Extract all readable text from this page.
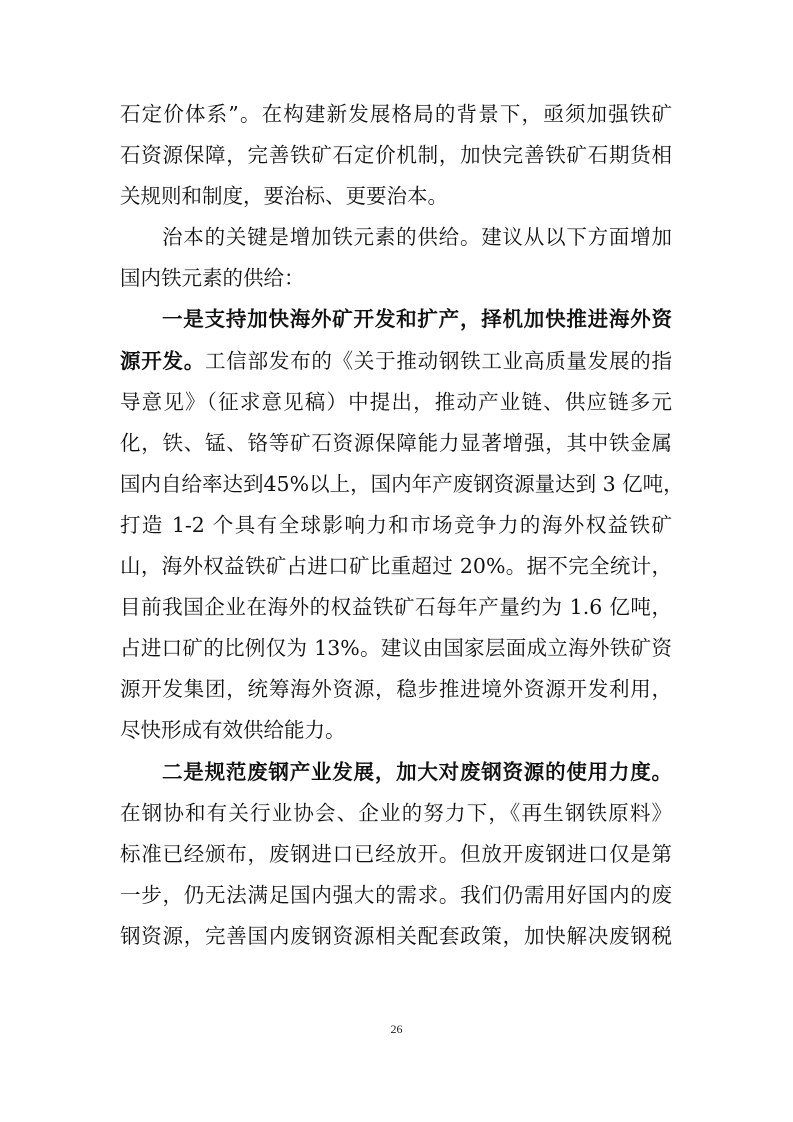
石定价体系”。在构建新发展格局的背景下，亟须加强铁矿
石资源保障，完善铁矿石定价机制，加快完善铁矿石期货相
关规则和制度，要治标、更要治本。
治本的关键是增加铁元素的供给。建议从以下方面增加
国内铁元素的供给：
一是支持加快海外矿开发和扩产，择机加快推进海外资
源开发。工信部发布的《关于推动钢铁工业高质量发展的指
导意见》（征求意见稿）中提出，推动产业链、供应链多元
化，铁、锰、铬等矿石资源保障能力显著增强，其中铁金属
国内自给率达到45%以上，国内年产废钢资源量达到 3 亿吨，
打造 1-2 个具有全球影响力和市场竞争力的海外权益铁矿
山，海外权益铁矿占进口矿比重超过 20%。据不完全统计，
目前我国企业在海外的权益铁矿石每年产量约为 1.6 亿吨，
占进口矿的比例仅为 13%。建议由国家层面成立海外铁矿资
源开发集团，统筹海外资源，稳步推进境外资源开发利用，
尽快形成有效供给能力。
二是规范废钢产业发展，加大对废钢资源的使用力度。
在钢协和有关行业协会、企业的努力下，《再生钢铁原料》
标准已经颁布，废钢进口已经放开。但放开废钢进口仅是第
一步，仍无法满足国内强大的需求。我们仍需用好国内的废
钢资源，完善国内废钢资源相关配套政策，加快解决废钢税
26
